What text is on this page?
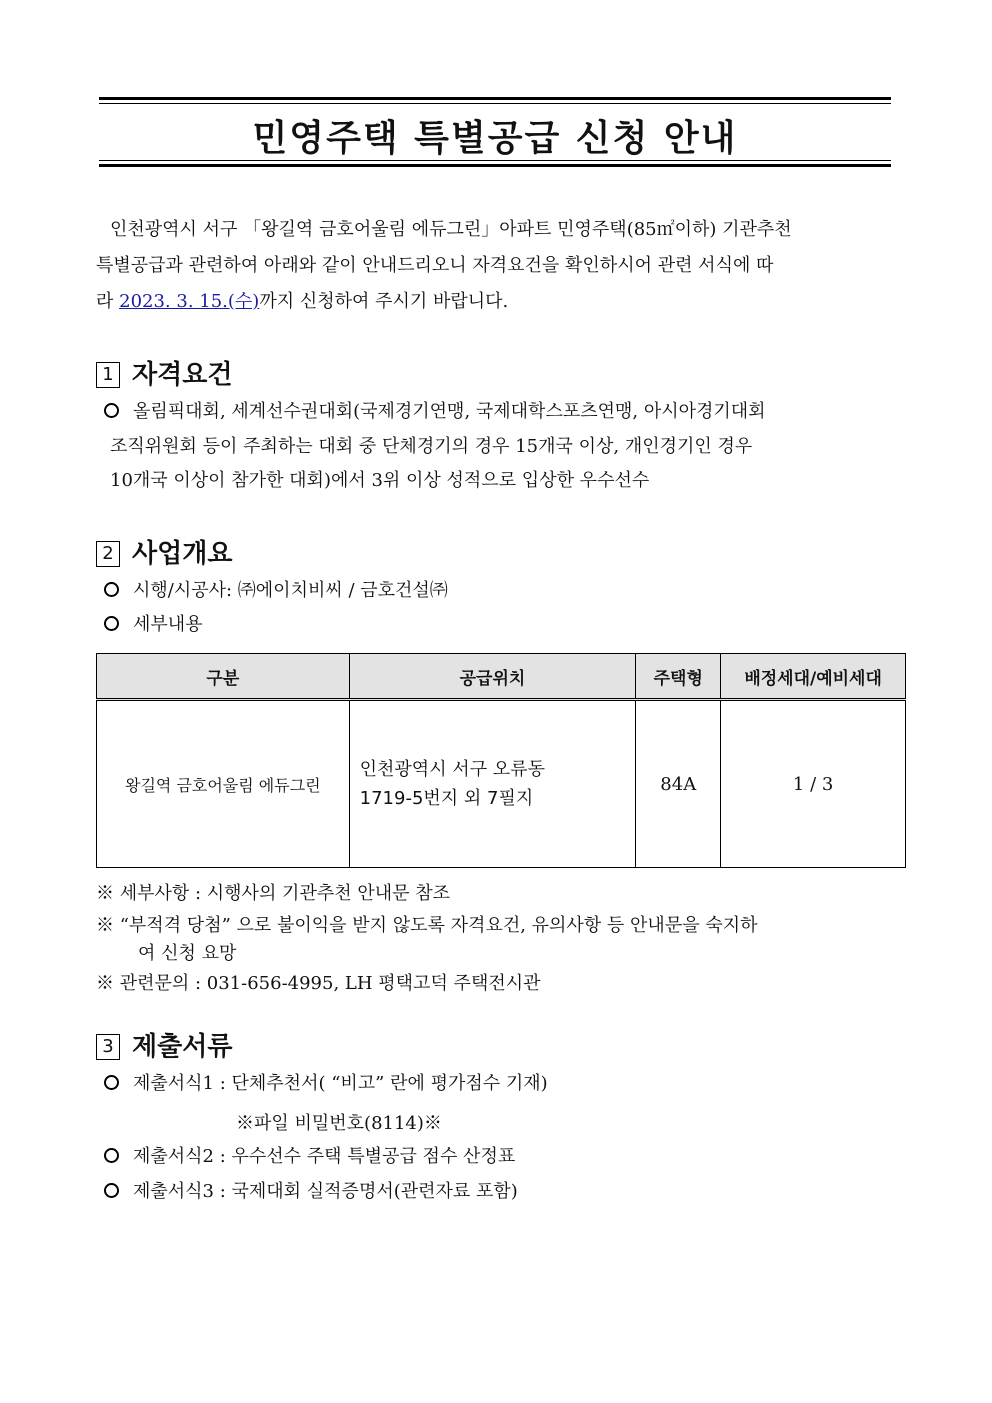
민영주택 특별공급 신청 안내
인천광역시 서구 「왕길역 금호어울림 에듀그린」아파트 민영주택(85㎡이하) 기관추천
특별공급과 관련하여 아래와 같이 안내드리오니 자격요건을 확인하시어 관련 서식에 따
라 2023. 3. 15.(수)까지 신청하여 주시기 바랍니다.
1 자격요건
올림픽대회, 세계선수권대회(국제경기연맹, 국제대학스포츠연맹, 아시아경기대회
조직위원회 등이 주최하는 대회 중 단체경기의 경우 15개국 이상, 개인경기인 경우
10개국 이상이 참가한 대회)에서 3위 이상 성적으로 입상한 우수선수
2 사업개요
시행/시공사: ㈜에이치비씨 / 금호건설㈜
세부내용
구분	공급위치	주택형	배정세대/예비세대
왕길역 금호어울림 에듀그린	인천광역시 서구 오류동
1719-5번지 외 7필지	84A	1 / 3
※ 세부사항 : 시행사의 기관추천 안내문 참조
※ “부적격 당첨” 으로 불이익을 받지 않도록 자격요건, 유의사항 등 안내문을 숙지하
여 신청 요망
※ 관련문의 : 031-656-4995, LH 평택고덕 주택전시관
3 제출서류
제출서식1 : 단체추천서( “비고” 란에 평가점수 기재)
※파일 비밀번호(8114)※
제출서식2 : 우수선수 주택 특별공급 점수 산정표
제출서식3 : 국제대회 실적증명서(관련자료 포함)
